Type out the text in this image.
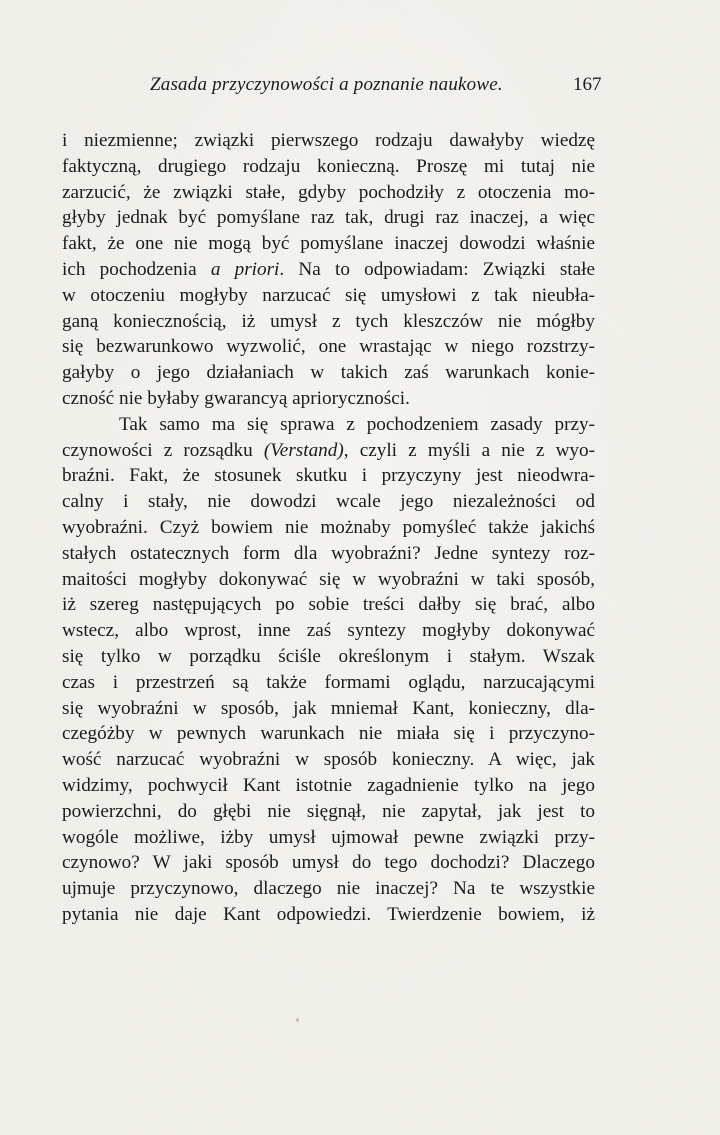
Zasada przyczynowości a poznanie naukowe.	167
i niezmienne; związki pierwszego rodzaju dawałyby wiedzę
faktyczną, drugiego rodzaju konieczną. Proszę mi tutaj nie
zarzucić, że związki stałe, gdyby pochodziły z otoczenia mo-
głyby jednak być pomyślane raz tak, drugi raz inaczej, a więc
fakt, że one nie mogą być pomyślane inaczej dowodzi właśnie
ich pochodzenia a priori. Na to odpowiadam: Związki stałe
w otoczeniu mogłyby narzucać się umysłowi z tak nieubła-
ganą koniecznością, iż umysł z tych kleszczów nie mógłby
się bezwarunkowo wyzwolić, one wrastając w niego rozstrzy-
gałyby o jego działaniach w takich zaś warunkach konie-
czność nie byłaby gwarancyą aprioryczności.
Tak samo ma się sprawa z pochodzeniem zasady przy-
czynowości z rozsądku (Verstand), czyli z myśli a nie z wyo-
braźni. Fakt, że stosunek skutku i przyczyny jest nieodwra-
calny i stały, nie dowodzi wcale jego niezależności od
wyobraźni. Czyż bowiem nie możnaby pomyśleć także jakichś
stałych ostatecznych form dla wyobraźni? Jedne syntezy roz-
maitości mogłyby dokonywać się w wyobraźni w taki sposób,
iż szereg następujących po sobie treści dałby się brać, albo
wstecz, albo wprost, inne zaś syntezy mogłyby dokonywać
się tylko w porządku ściśle określonym i stałym. Wszak
czas i przestrzeń są także formami oglądu, narzucającymi
się wyobraźni w sposób, jak mniemał Kant, konieczny, dla-
czegóżby w pewnych warunkach nie miała się i przyczyno-
wość narzucać wyobraźni w sposób konieczny. A więc, jak
widzimy, pochwycił Kant istotnie zagadnienie tylko na jego
powierzchni, do głębi nie sięgnął, nie zapytał, jak jest to
wogóle możliwe, iżby umysł ujmował pewne związki przy-
czynowo? W jaki sposób umysł do tego dochodzi? Dlaczego
ujmuje przyczynowo, dlaczego nie inaczej? Na te wszystkie
pytania nie daje Kant odpowiedzi. Twierdzenie bowiem, iż
